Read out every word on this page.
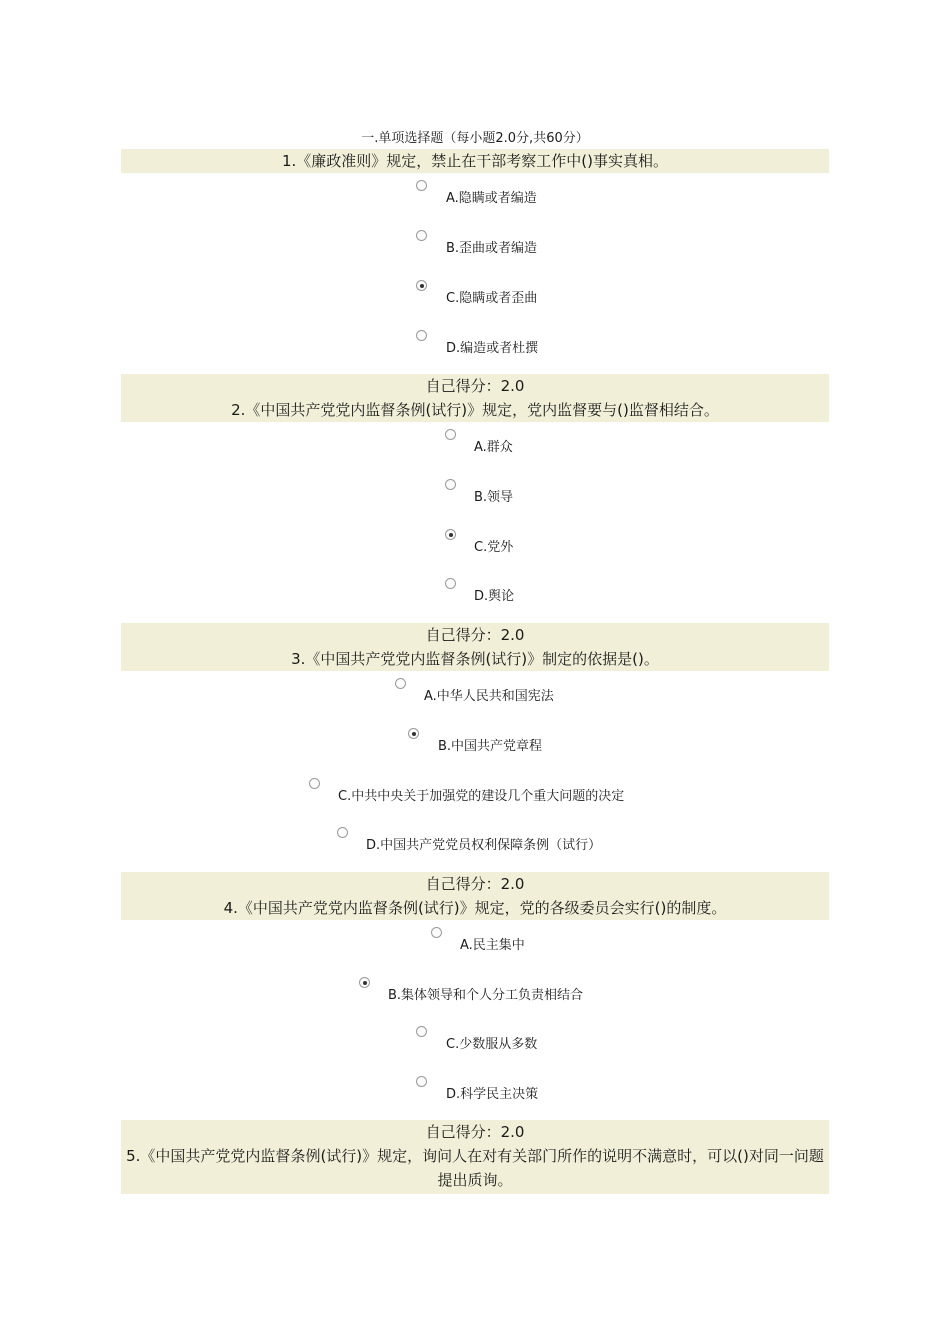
一.单项选择题（每小题2.0分,共60分）
1.《廉政准则》规定，禁止在干部考察工作中()事实真相。
A.隐瞒或者编造
B.歪曲或者编造
C.隐瞒或者歪曲
D.编造或者杜撰
自己得分：2.0
2.《中国共产党党内监督条例(试行)》规定，党内监督要与()监督相结合。
A.群众
B.领导
C.党外
D.舆论
自己得分：2.0
3.《中国共产党党内监督条例(试行)》制定的依据是()。
A.中华人民共和国宪法
B.中国共产党章程
C.中共中央关于加强党的建设几个重大问题的决定
D.中国共产党党员权利保障条例（试行）
自己得分：2.0
4.《中国共产党党内监督条例(试行)》规定，党的各级委员会实行()的制度。
A.民主集中
B.集体领导和个人分工负责相结合
C.少数服从多数
D.科学民主决策
自己得分：2.0
5.《中国共产党党内监督条例(试行)》规定，询问人在对有关部门所作的说明不满意时，可以()对同一问题提出质询。
